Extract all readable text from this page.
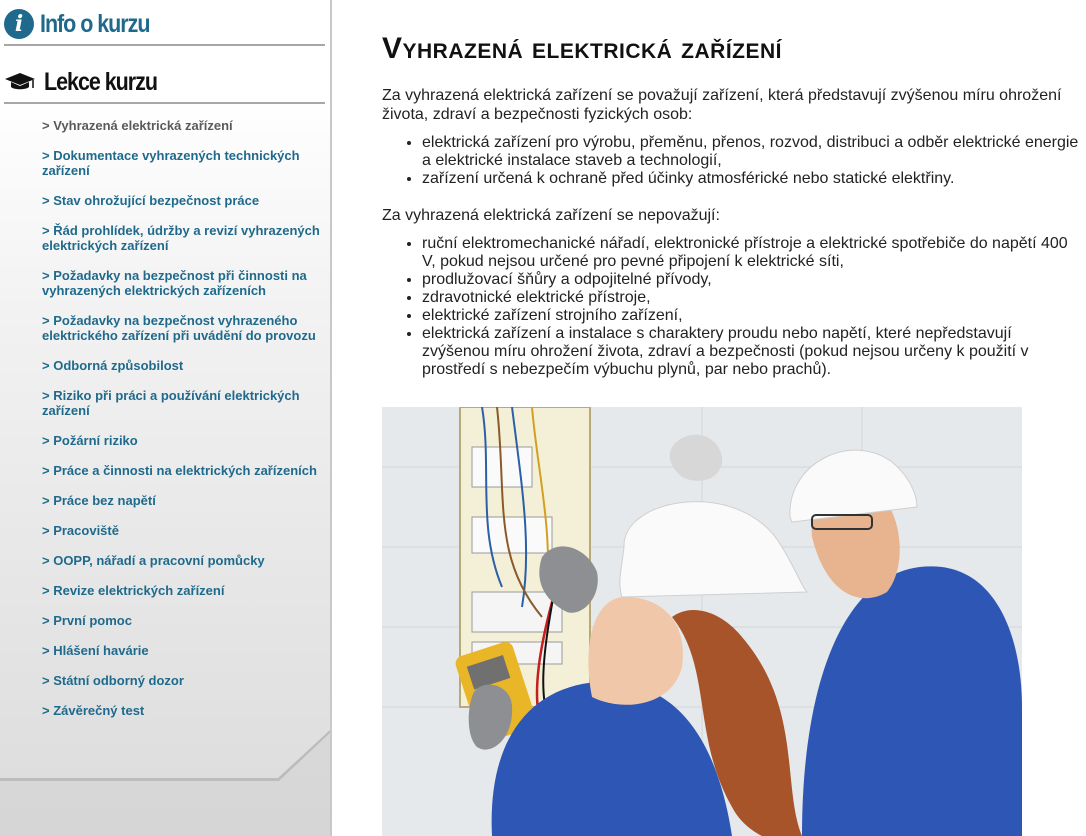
i Info o kurzu
Lekce kurzu
> Vyhrazená elektrická zařízení
> Dokumentace vyhrazených technických zařízení
> Stav ohrožující bezpečnost práce
> Řád prohlídek, údržby a revizí vyhrazených elektrických zařízení
> Požadavky na bezpečnost při činnosti na vyhrazených elektrických zařízeních
> Požadavky na bezpečnost vyhrazeného elektrického zařízení při uvádění do provozu
> Odborná způsobilost
> Riziko při práci a používání elektrických zařízení
> Požární riziko
> Práce a činnosti na elektrických zařízeních
> Práce bez napětí
> Pracoviště
> OOPP, nářadí a pracovní pomůcky
> Revize elektrických zařízení
> První pomoc
> Hlášení havárie
> Státní odborný dozor
> Závěrečný test
Vyhrazená elektrická zařízení

Za vyhrazená elektrická zařízení se považují zařízení, která představují zvýšenou míru ohrožení života, zdraví a bezpečnosti fyzických osob:

• elektrická zařízení pro výrobu, přeměnu, přenos, rozvod, distribuci a odběr elektrické energie a elektrické instalace staveb a technologií,
• zařízení určená k ochraně před účinky atmosférické nebo statické elektřiny.

Za vyhrazená elektrická zařízení se nepovažují:

• ruční elektromechanické nářadí, elektronické přístroje a elektrické spotřebiče do napětí 400 V, pokud nejsou určené pro pevné připojení k elektrické síti,
• prodlužovací šňůry a odpojitelné přívody,
• zdravotnické elektrické přístroje,
• elektrické zařízení strojního zařízení,
• elektrická zařízení a instalace s charaktery proudu nebo napětí, které nepředstavují zvýšenou míru ohrožení života, zdraví a bezpečnosti (pokud nejsou určeny k použití v prostředí s nebezpečím výbuchu plynů, par nebo prachů).
